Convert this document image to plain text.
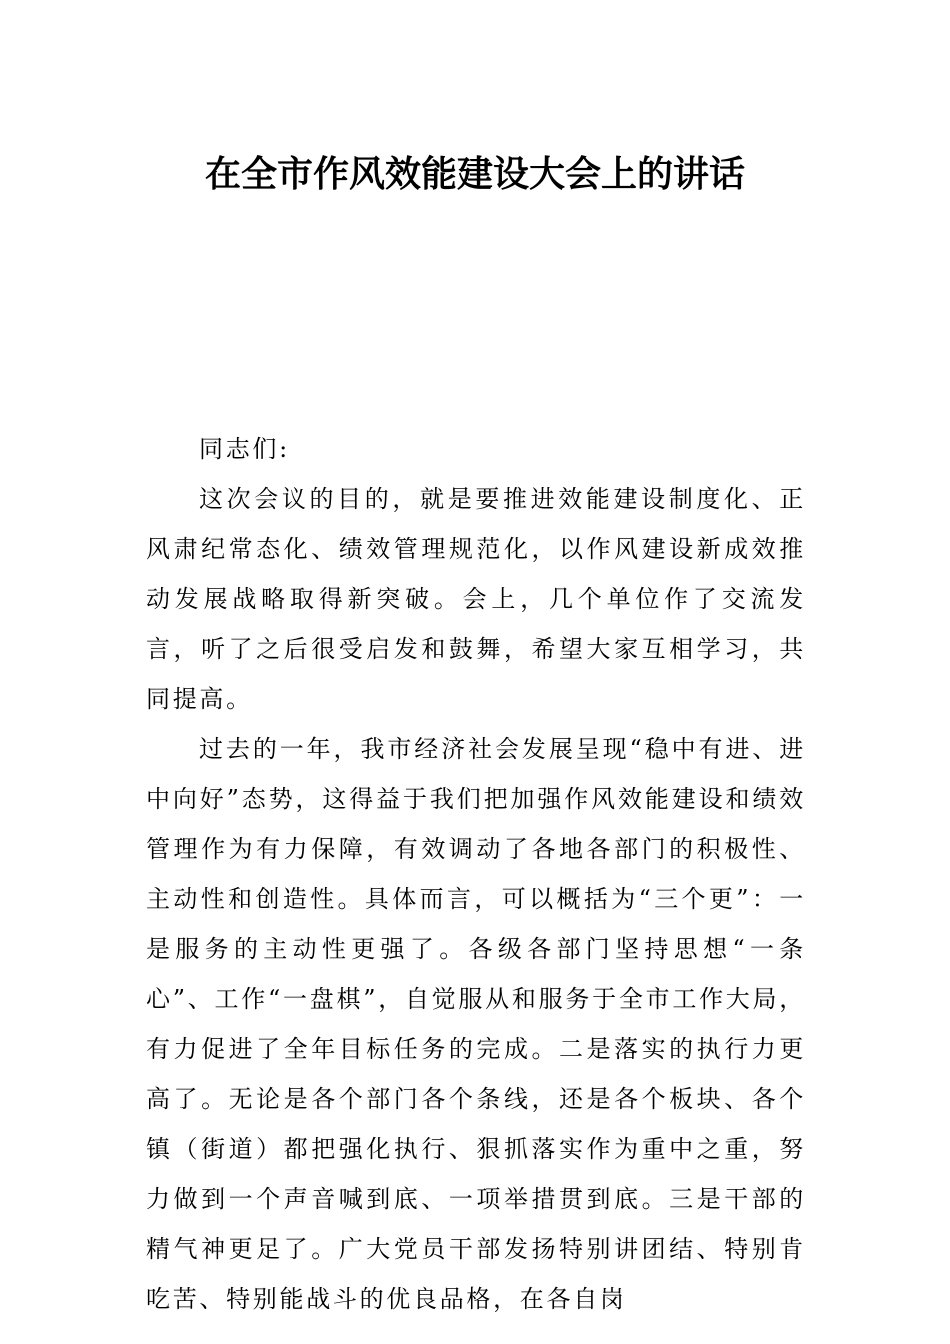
在全市作风效能建设大会上的讲话

同志们:

这次会议的目的，就是要推进效能建设制度化、正风肃纪常态化、绩效管理规范化，以作风建设新成效推动发展战略取得新突破。会上，几个单位作了交流发言，听了之后很受启发和鼓舞，希望大家互相学习，共同提高。

过去的一年，我市经济社会发展呈现“稳中有进、进中向好”态势，这得益于我们把加强作风效能建设和绩效管理作为有力保障，有效调动了各地各部门的积极性、主动性和创造性。具体而言，可以概括为“三个更”：一是服务的主动性更强了。各级各部门坚持思想“一条心”、工作“一盘棋”，自觉服从和服务于全市工作大局，有力促进了全年目标任务的完成。二是落实的执行力更高了。无论是各个部门各个条线，还是各个板块、各个镇（街道）都把强化执行、狠抓落实作为重中之重，努力做到一个声音喊到底、一项举措贯到底。三是干部的精气神更足了。广大党员干部发扬特别讲团结、特别肯吃苦、特别能战斗的优良品格，在各自岗
